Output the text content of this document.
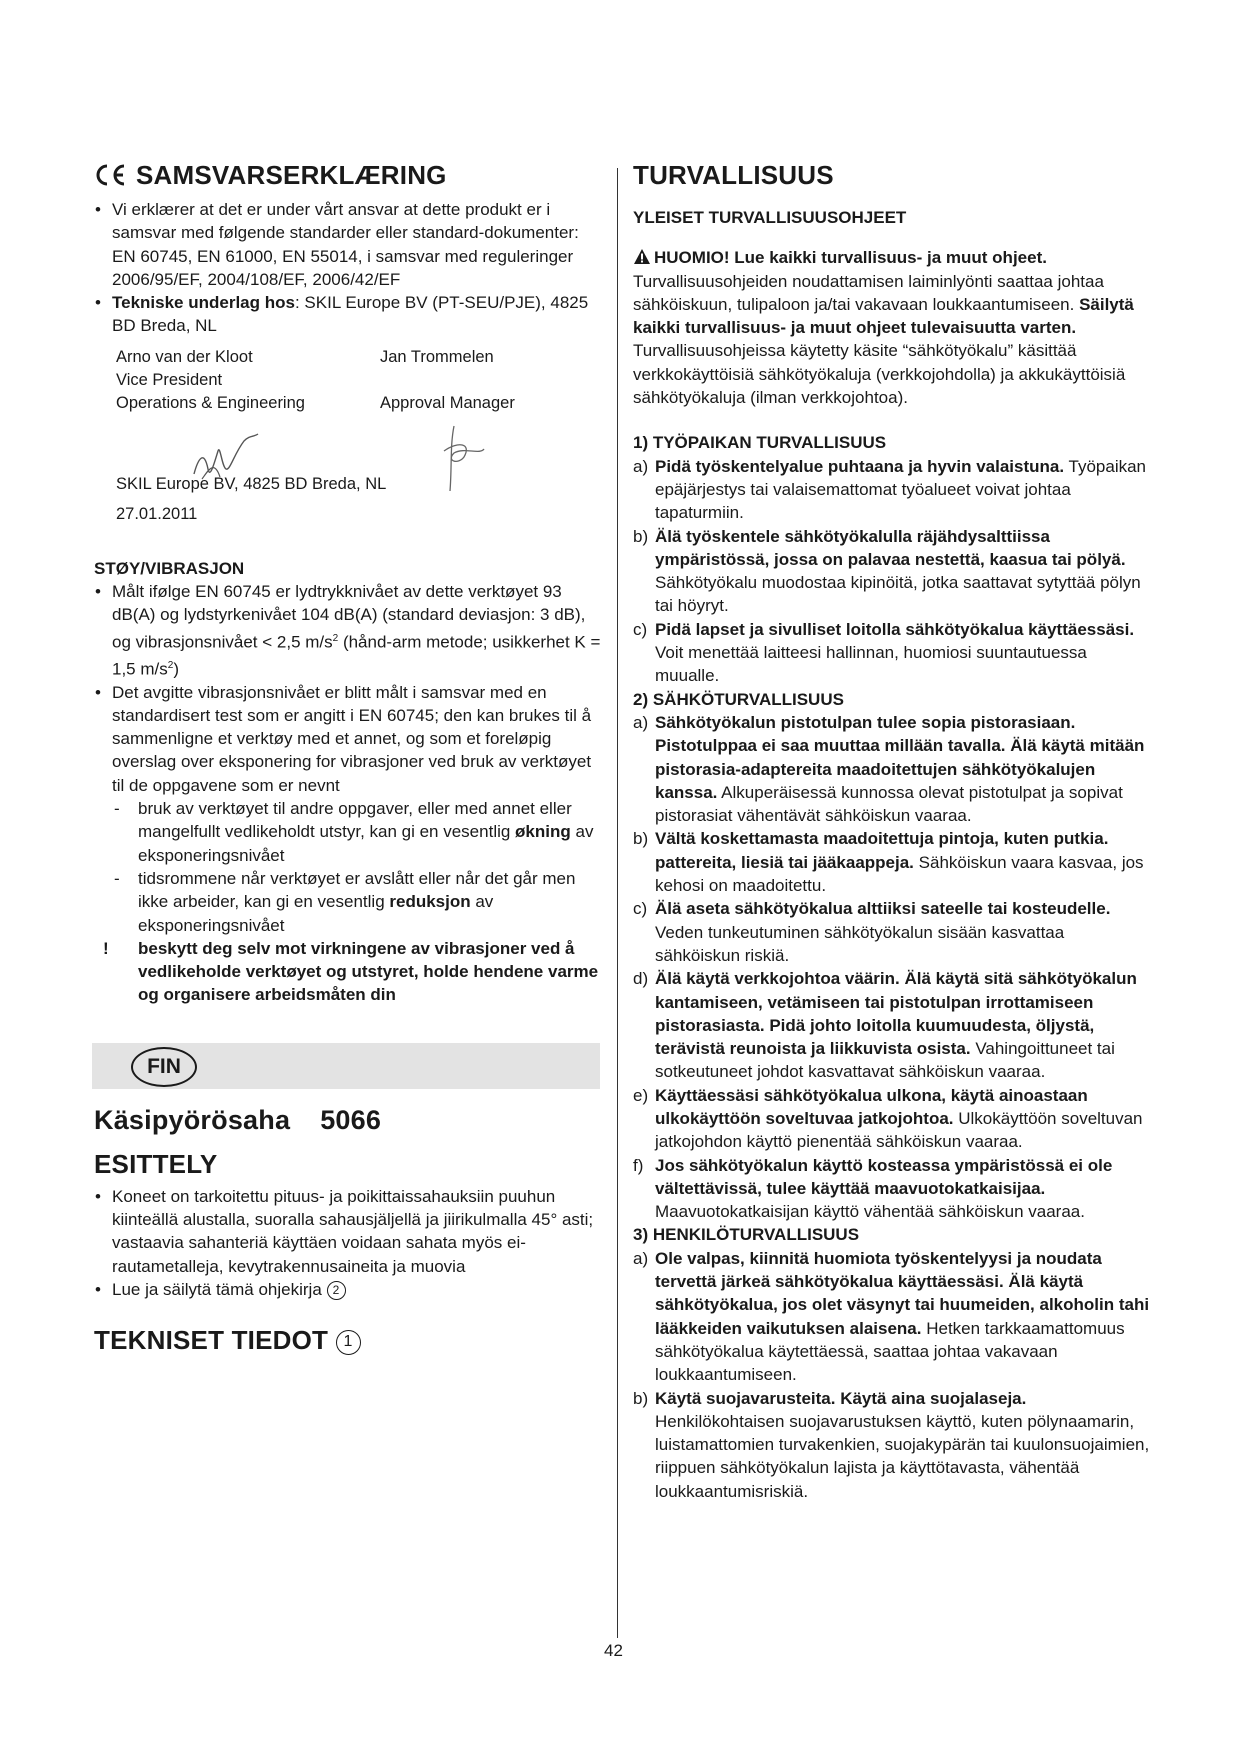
SAMSVARSERKLÆRING
• Vi erklærer at det er under vårt ansvar at dette produkt er i samsvar med følgende standarder eller standard-dokumenter: EN 60745, EN 61000, EN 55014, i samsvar med reguleringer 2006/95/EF, 2004/108/EF, 2006/42/EF
• Tekniske underlag hos: SKIL Europe BV (PT-SEU/PJE), 4825 BD Breda, NL
Arno van der Kloot
Vice President
Operations & Engineering
Jan Trommelen
Approval Manager
SKIL Europe BV, 4825 BD Breda, NL
27.01.2011
STØY/VIBRASJON
• Målt ifølge EN 60745 er lydtrykknivået av dette verktøyet 93 dB(A) og lydstyrkenivået 104 dB(A) (standard deviasjon: 3 dB), og vibrasjonsnivået < 2,5 $m/s^2$ (hånd-arm metode; usikkerhet K = 1,5 $m/s^2$)
• Det avgitte vibrasjonsnivået er blitt målt i samsvar med en standardisert test som er angitt i EN 60745; den kan brukes til å sammenligne et verktøy med et annet, og som et foreløpig overslag over eksponering for vibrasjoner ved bruk av verktøyet til de oppgavene som er nevnt
- bruk av verktøyet til andre oppgaver, eller med annet eller mangelfullt vedlikeholdt utstyr, kan gi en vesentlig økning av eksponeringsnivået
- tidsrommene når verktøyet er avslått eller når det går men ikke arbeider, kan gi en vesentlig reduksjon av eksponeringsnivået
! beskytt deg selv mot virkningene av vibrasjoner ved å vedlikeholde verktøyet og utstyret, holde hendene varme og organisere arbeidsmåten din
FIN
Käsipyörösaha 5066
ESITTELY
• Koneet on tarkoitettu pituus- ja poikittaissahauksiin puuhun kiinteällä alustalla, suoralla sahausjäljellä ja jiirikulmalla 45° asti; vastaavia sahanteriä käyttäen voidaan sahata myös ei-rautametalleja, kevytrakennusaineita ja muovia
• Lue ja säilytä tämä ohjekirja 2
TEKNISET TIEDOT 1
TURVALLISUUS
YLEISET TURVALLISUUSOHJEET
HUOMIO! Lue kaikki turvallisuus- ja muut ohjeet. Turvallisuusohjeiden noudattamisen laiminlyönti saattaa johtaa sähköiskuun, tulipaloon ja/tai vakavaan loukkaantumiseen. Säilytä kaikki turvallisuus- ja muut ohjeet tulevaisuutta varten. Turvallisuusohjeissa käytetty käsite “sähkötyökalu” käsittää verkkokäyttöisiä sähkötyökaluja (verkkojohdolla) ja akkukäyttöisiä sähkötyökaluja (ilman verkkojohtoa).
1) TYÖPAIKAN TURVALLISUUS
a) Pidä työskentelyalue puhtaana ja hyvin valaistuna. Työpaikan epäjärjestys tai valaisemattomat työalueet voivat johtaa tapaturmiin.
b) Älä työskentele sähkötyökalulla räjähdysalttiissa ympäristössä, jossa on palavaa nestettä, kaasua tai pölyä. Sähkötyökalu muodostaa kipinöitä, jotka saattavat sytyttää pölyn tai höyryt.
c) Pidä lapset ja sivulliset loitolla sähkötyökalua käyttäessäsi. Voit menettää laitteesi hallinnan, huomiosi suuntautuessa muualle.
2) SÄHKÖTURVALLISUUS
a) Sähkötyökalun pistotulpan tulee sopia pistorasiaan. Pistotulppaa ei saa muuttaa millään tavalla. Älä käytä mitään pistorasia-adaptereita maadoitettujen sähkötyökalujen kanssa. Alkuperäisessä kunnossa olevat pistotulpat ja sopivat pistorasiat vähentävät sähköiskun vaaraa.
b) Vältä koskettamasta maadoitettuja pintoja, kuten putkia. pattereita, liesiä tai jääkaappeja. Sähköiskun vaara kasvaa, jos kehosi on maadoitettu.
c) Älä aseta sähkötyökalua alttiiksi sateelle tai kosteudelle. Veden tunkeutuminen sähkötyökalun sisään kasvattaa sähköiskun riskiä.
d) Älä käytä verkkojohtoa väärin. Älä käytä sitä sähkötyökalun kantamiseen, vetämiseen tai pistotulpan irrottamiseen pistorasiasta. Pidä johto loitolla kuumuudesta, öljystä, terävistä reunoista ja liikkuvista osista. Vahingoittuneet tai sotkeutuneet johdot kasvattavat sähköiskun vaaraa.
e) Käyttäessäsi sähkötyökalua ulkona, käytä ainoastaan ulkokäyttöön soveltuvaa jatkojohtoa. Ulkokäyttöön soveltuvan jatkojohdon käyttö pienentää sähköiskun vaaraa.
f) Jos sähkötyökalun käyttö kosteassa ympäristössä ei ole vältettävissä, tulee käyttää maavuotokatkaisijaa. Maavuotokatkaisijan käyttö vähentää sähköiskun vaaraa.
3) HENKILÖTURVALLISUUS
a) Ole valpas, kiinnitä huomiota työskentelyysi ja noudata tervettä järkeä sähkötyökalua käyttäessäsi. Älä käytä sähkötyökalua, jos olet väsynyt tai huumeiden, alkoholin tahi lääkkeiden vaikutuksen alaisena. Hetken tarkkaamattomuus sähkötyökalua käytettäessä, saattaa johtaa vakavaan loukkaantumiseen.
b) Käytä suojavarusteita. Käytä aina suojalaseja. Henkilökohtaisen suojavarustuksen käyttö, kuten pölynaamarin, luistamattomien turvakenkien, suojakypärän tai kuulonsuojaimien, riippuen sähkötyökalun lajista ja käyttötavasta, vähentää loukkaantumisriskiä.
42
